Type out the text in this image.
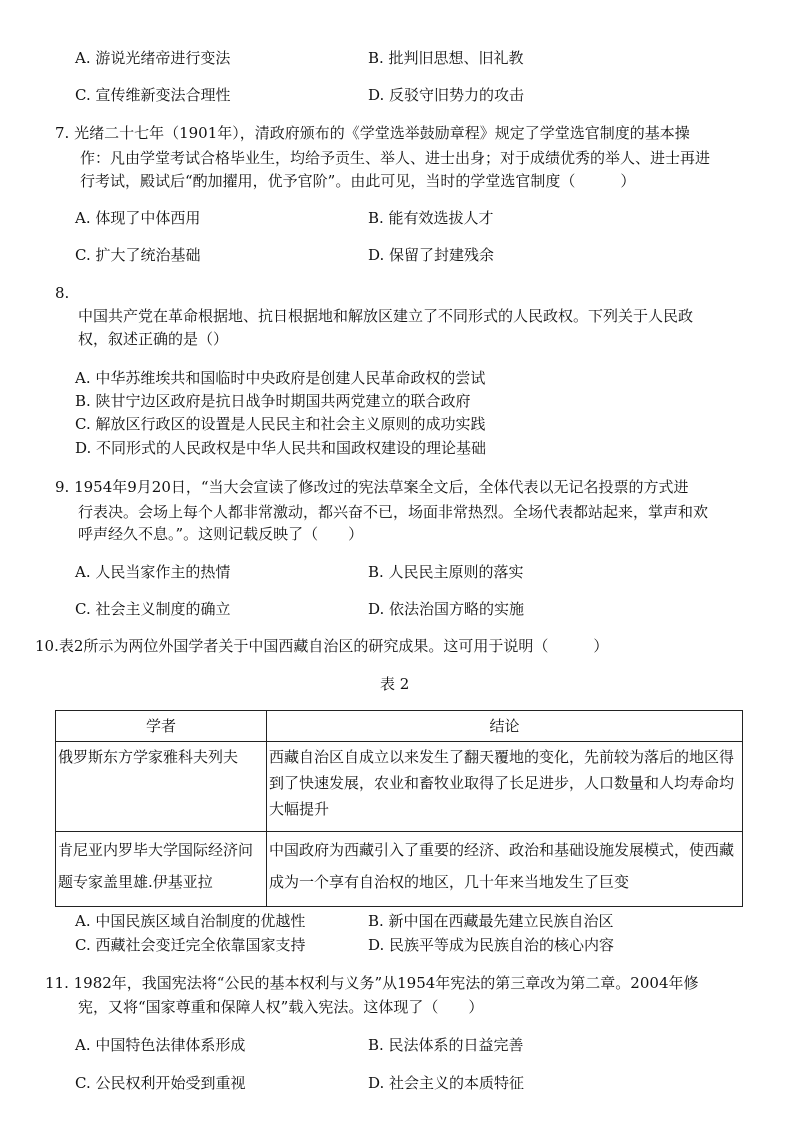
A. 游说光绪帝进行变法	B. 批判旧思想、旧礼教
C. 宣传维新变法合理性	D. 反驳守旧势力的攻击
7. 光绪二十七年（1901年），清政府颁布的《学堂选举鼓励章程》规定了学堂选官制度的基本操
作：凡由学堂考试合格毕业生，均给予贡生、举人、进士出身；对于成绩优秀的举人、进士再进
行考试，殿试后“酌加擢用，优予官阶”。由此可见，当时的学堂选官制度（　　　）
A. 体现了中体西用	B. 能有效选拔人才
C. 扩大了统治基础	D. 保留了封建残余
8.
中国共产党在革命根据地、抗日根据地和解放区建立了不同形式的人民政权。下列关于人民政
权，叙述正确的是（）
A. 中华苏维埃共和国临时中央政府是创建人民革命政权的尝试
B. 陕甘宁边区政府是抗日战争时期国共两党建立的联合政府
C. 解放区行政区的设置是人民民主和社会主义原则的成功实践
D. 不同形式的人民政权是中华人民共和国政权建设的理论基础
9. 1954年9月20日，“当大会宣读了修改过的宪法草案全文后，全体代表以无记名投票的方式进
行表决。会场上每个人都非常激动，都兴奋不已，场面非常热烈。全场代表都站起来，掌声和欢
呼声经久不息。”。这则记载反映了（　　）
A. 人民当家作主的热情	B. 人民民主原则的落实
C. 社会主义制度的确立	D. 依法治国方略的实施
10.表2所示为两位外国学者关于中国西藏自治区的研究成果。这可用于说明（　　　）
表 2
学者	结论
俄罗斯东方学家雅科夫列夫	西藏自治区自成立以来发生了翻天覆地的变化，先前较为落后的地区得到了快速发展，农业和畜牧业取得了长足进步，人口数量和人均寿命均大幅提升
肯尼亚内罗毕大学国际经济问题专家盖里雄.伊基亚拉	中国政府为西藏引入了重要的经济、政治和基础设施发展模式，使西藏成为一个享有自治权的地区，几十年来当地发生了巨变
A. 中国民族区域自治制度的优越性	B. 新中国在西藏最先建立民族自治区
C. 西藏社会变迁完全依靠国家支持	D. 民族平等成为民族自治的核心内容
11. 1982年，我国宪法将“公民的基本权利与义务”从1954年宪法的第三章改为第二章。2004年修
宪，又将“国家尊重和保障人权”载入宪法。这体现了（　　）
A. 中国特色法律体系形成	B. 民法体系的日益完善
C. 公民权利开始受到重视	D. 社会主义的本质特征
